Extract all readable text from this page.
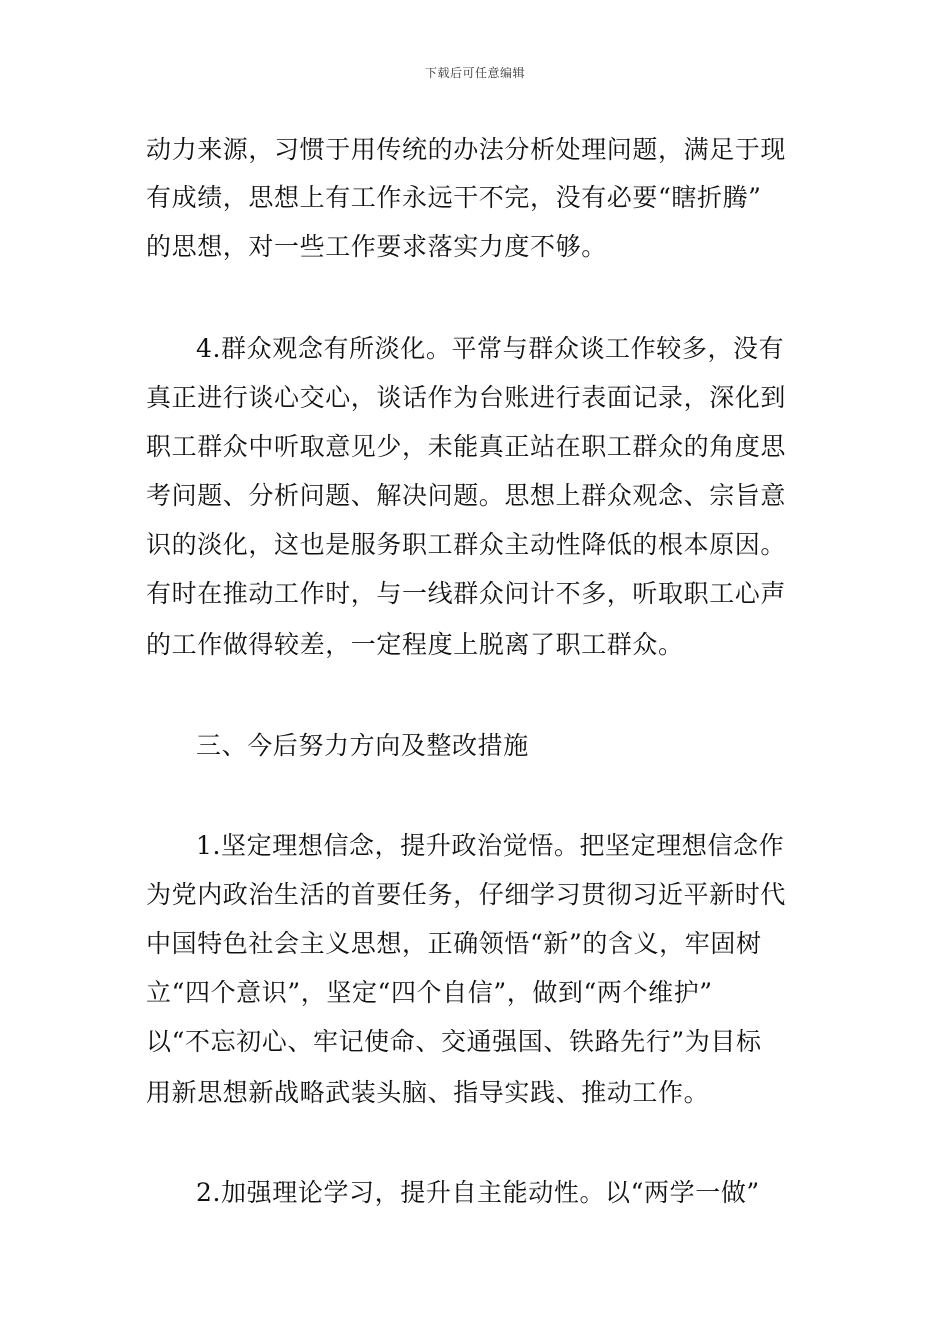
下载后可任意编辑
动力来源，习惯于用传统的办法分析处理问题，满足于现
有成绩，思想上有工作永远干不完，没有必要“瞎折腾”
的思想，对一些工作要求落实力度不够。
4.群众观念有所淡化。平常与群众谈工作较多，没有
真正进行谈心交心，谈话作为台账进行表面记录，深化到
职工群众中听取意见少，未能真正站在职工群众的角度思
考问题、分析问题、解决问题。思想上群众观念、宗旨意
识的淡化，这也是服务职工群众主动性降低的根本原因。
有时在推动工作时，与一线群众问计不多，听取职工心声
的工作做得较差，一定程度上脱离了职工群众。
三、今后努力方向及整改措施
1.坚定理想信念，提升政治觉悟。把坚定理想信念作
为党内政治生活的首要任务，仔细学习贯彻习近平新时代
中国特色社会主义思想，正确领悟“新”的含义，牢固树
立“四个意识”，坚定“四个自信”，做到“两个维护”
以“不忘初心、牢记使命、交通强国、铁路先行”为目标
用新思想新战略武装头脑、指导实践、推动工作。
2.加强理论学习，提升自主能动性。以“两学一做”
